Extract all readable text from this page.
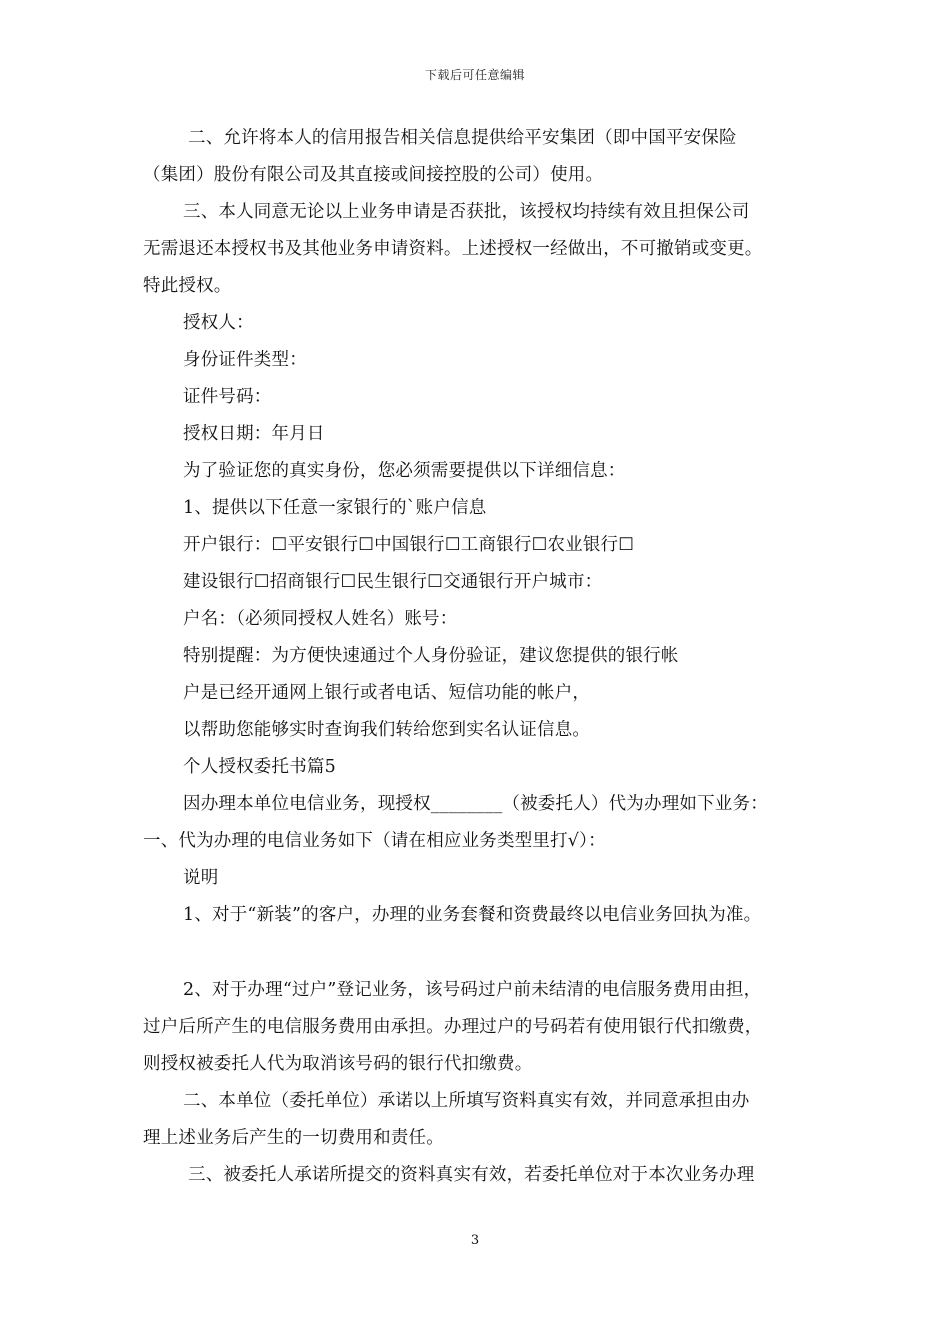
下载后可任意编辑
二、允许将本人的信用报告相关信息提供给平安集团（即中国平安保险
（集团）股份有限公司及其直接或间接控股的公司）使用。
三、本人同意无论以上业务申请是否获批，该授权均持续有效且担保公司
无需退还本授权书及其他业务申请资料。上述授权一经做出，不可撤销或变更。
特此授权。
授权人：
身份证件类型：
证件号码：
授权日期：年月日
为了验证您的真实身份，您必须需要提供以下详细信息：
1、提供以下任意一家银行的`账户信息
开户银行：☐平安银行☐中国银行☐工商银行☐农业银行☐
建设银行☐招商银行☐民生银行☐交通银行开户城市：
户名：（必须同授权人姓名）账号：
特别提醒：为方便快速通过个人身份验证，建议您提供的银行帐
户是已经开通网上银行或者电话、短信功能的帐户，
以帮助您能够实时查询我们转给您到实名认证信息。
个人授权委托书篇5
因办理本单位电信业务，现授权________（被委托人）代为办理如下业务：
一、代为办理的电信业务如下（请在相应业务类型里打√）：
说明
1、对于“新装”的客户，办理的业务套餐和资费最终以电信业务回执为准。
2、对于办理“过户”登记业务，该号码过户前未结清的电信服务费用由担，
过户后所产生的电信服务费用由承担。办理过户的号码若有使用银行代扣缴费，
则授权被委托人代为取消该号码的银行代扣缴费。
二、本单位（委托单位）承诺以上所填写资料真实有效，并同意承担由办
理上述业务后产生的一切费用和责任。
三、被委托人承诺所提交的资料真实有效，若委托单位对于本次业务办理
3
